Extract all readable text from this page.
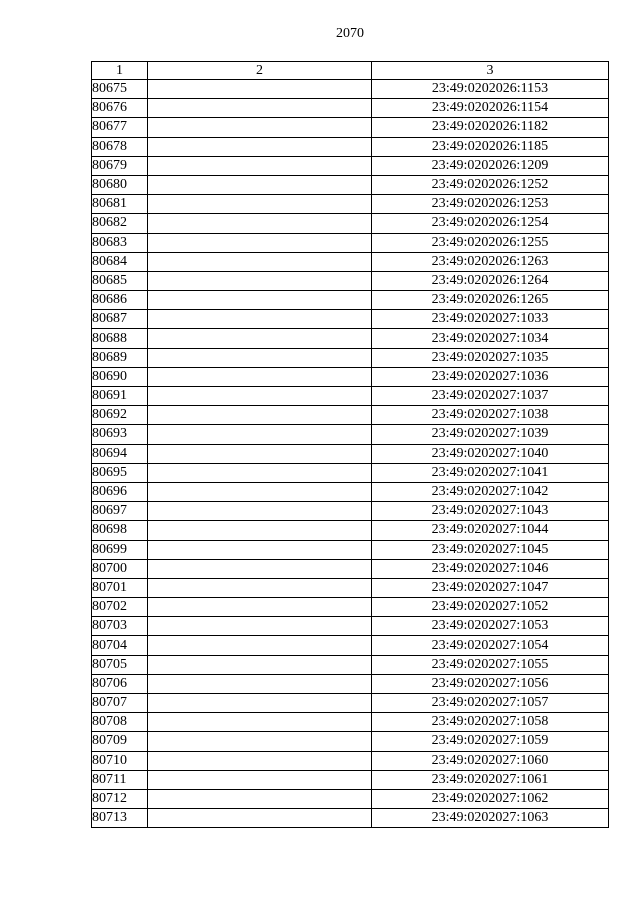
2070
1	2	3
80675		23:49:0202026:1153
80676		23:49:0202026:1154
80677		23:49:0202026:1182
80678		23:49:0202026:1185
80679		23:49:0202026:1209
80680		23:49:0202026:1252
80681		23:49:0202026:1253
80682		23:49:0202026:1254
80683		23:49:0202026:1255
80684		23:49:0202026:1263
80685		23:49:0202026:1264
80686		23:49:0202026:1265
80687		23:49:0202027:1033
80688		23:49:0202027:1034
80689		23:49:0202027:1035
80690		23:49:0202027:1036
80691		23:49:0202027:1037
80692		23:49:0202027:1038
80693		23:49:0202027:1039
80694		23:49:0202027:1040
80695		23:49:0202027:1041
80696		23:49:0202027:1042
80697		23:49:0202027:1043
80698		23:49:0202027:1044
80699		23:49:0202027:1045
80700		23:49:0202027:1046
80701		23:49:0202027:1047
80702		23:49:0202027:1052
80703		23:49:0202027:1053
80704		23:49:0202027:1054
80705		23:49:0202027:1055
80706		23:49:0202027:1056
80707		23:49:0202027:1057
80708		23:49:0202027:1058
80709		23:49:0202027:1059
80710		23:49:0202027:1060
80711		23:49:0202027:1061
80712		23:49:0202027:1062
80713		23:49:0202027:1063
